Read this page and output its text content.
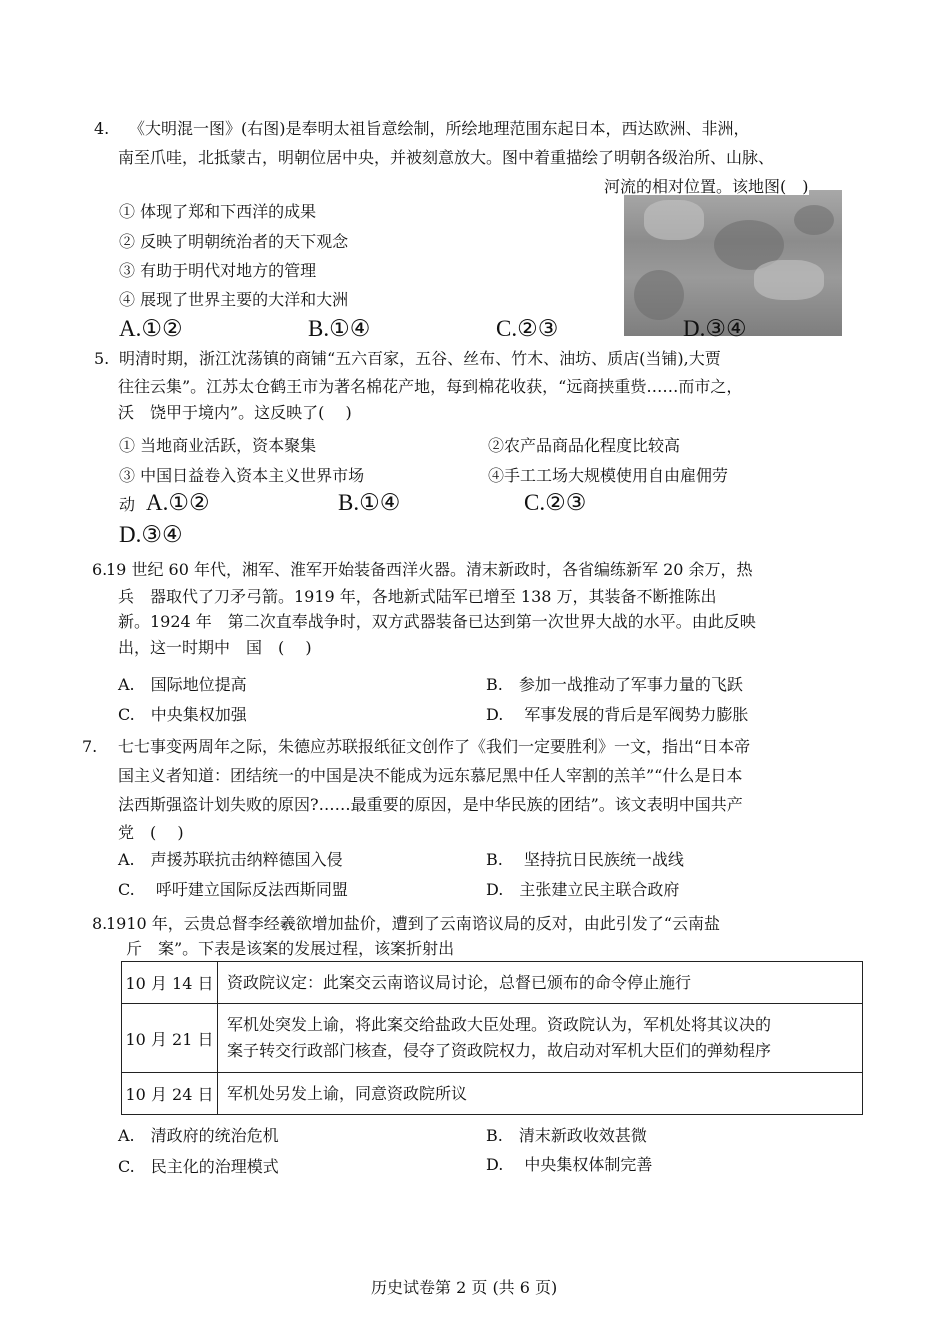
4. 《大明混一图》(右图)是奉明太祖旨意绘制，所绘地理范围东起日本，西达欧洲、非洲，
南至爪哇，北抵蒙古，明朝位居中央，并被刻意放大。图中着重描绘了明朝各级治所、山脉、
河流的相对位置。该地图(　)
① 体现了郑和下西洋的成果
② 反映了明朝统治者的天下观念
③ 有助于明代对地方的管理
④ 展现了世界主要的大洋和大洲
A.①②	B.①④	C.②③	D.③④
5. 明清时期，浙江沈荡镇的商铺“五六百家，五谷、丝布、竹木、油坊、质店(当铺),大贾
往往云集”。江苏太仓鹤王市为著名棉花产地，每到棉花收获，“远商挟重赀……而市之，
沃　饶甲于境内”。这反映了(　 )
① 当地商业活跃，资本聚集	②农产品商品化程度比较高
③ 中国日益卷入资本主义世界市场	④手工工场大规模使用自由雇佣劳
动 A.①②	B.①④	C.②③
D.③④
6.
19 世纪 60 年代，湘军、淮军开始装备西洋火器。清末新政时，各省编练新军 20 余万，热
兵　器取代了刀矛弓箭。1919 年，各地新式陆军已增至 138 万，其装备不断推陈出
新。1924 年　第二次直奉战争时，双方武器装备已达到第一次世界大战的水平。由此反映
出，这一时期中　国　(　 )
A.　国际地位提高	B.　参加一战推动了军事力量的飞跃
C.　中央集权加强	D.　 军事发展的背后是军阀势力膨胀
7. 七七事变两周年之际，朱德应苏联报纸征文创作了《我们一定要胜利》一文，指出“日本帝
国主义者知道：团结统一的中国是决不能成为远东慕尼黑中任人宰割的羔羊”“什么是日本
法西斯强盗计划失败的原因?……最重要的原因，是中华民族的团结”。该文表明中国共产
党　(　 )
A.　声援苏联抗击纳粹德国入侵	B.　 坚持抗日民族统一战线
C.　 呼吁建立国际反法西斯同盟	D.　主张建立民主联合政府
8.
1910 年，云贵总督李经羲欲增加盐价，遭到了云南谘议局的反对，由此引发了“云南盐
斤　案”。下表是该案的发展过程，该案折射出
10 月 14 日	资政院议定：此案交云南谘议局讨论，总督已颁布的命令停止施行

10 月 21 日	军机处突发上谕，将此案交给盐政大臣处理。资政院认为，军机处将其议决的
案子转交行政部门核查，侵夺了资政院权力，故启动对军机大臣们的弹劾程序

10 月 24 日	军机处另发上谕，同意资政院所议
A.　清政府的统治危机	B.　清末新政收效甚微
C.　民主化的治理模式	D.　 中央集权体制完善
历史试卷第 2 页 (共 6 页)
